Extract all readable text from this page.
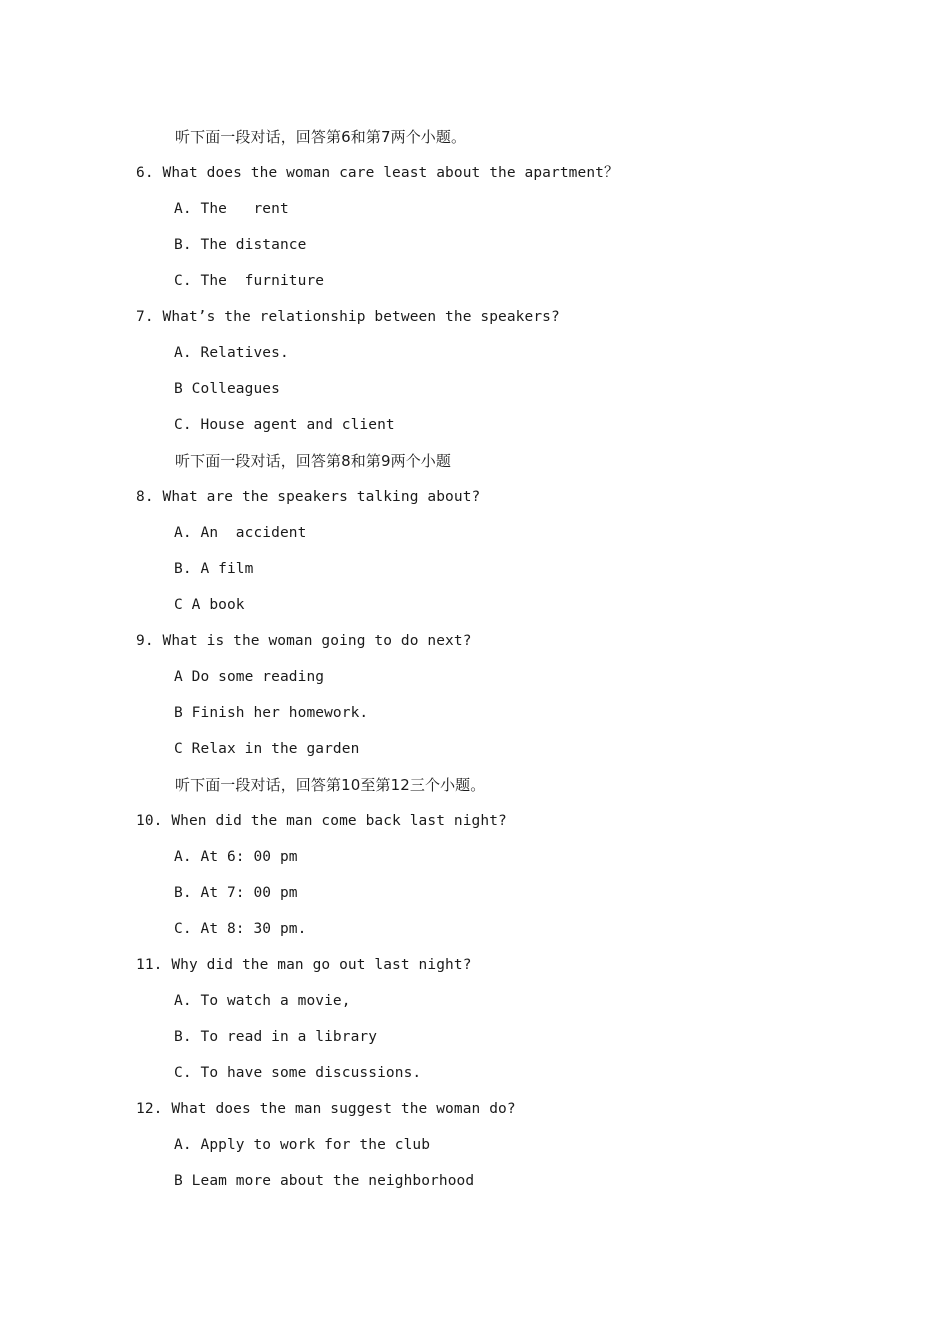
听下面一段对话，回答第6和第7两个小题。
6. What does the woman care least about the apartment？
A. The   rent
B. The distance
C. The  furniture
7. What’s the relationship between the speakers?
A. Relatives.
B Colleagues
C. House agent and client
听下面一段对话，回答第8和第9两个小题
8. What are the speakers talking about?
A. An  accident
B. A film
C A book
9. What is the woman going to do next?
A Do some reading
B Finish her homework.
C Relax in the garden
听下面一段对话，回答第10至第12三个小题。
10. When did the man come back last night?
A. At 6: 00 pm
B. At 7: 00 pm
C. At 8: 30 pm.
11. Why did the man go out last night?
A. To watch a movie,
B. To read in a library
C. To have some discussions.
12. What does the man suggest the woman do?
A. Apply to work for the club
B Leam more about the neighborhood
